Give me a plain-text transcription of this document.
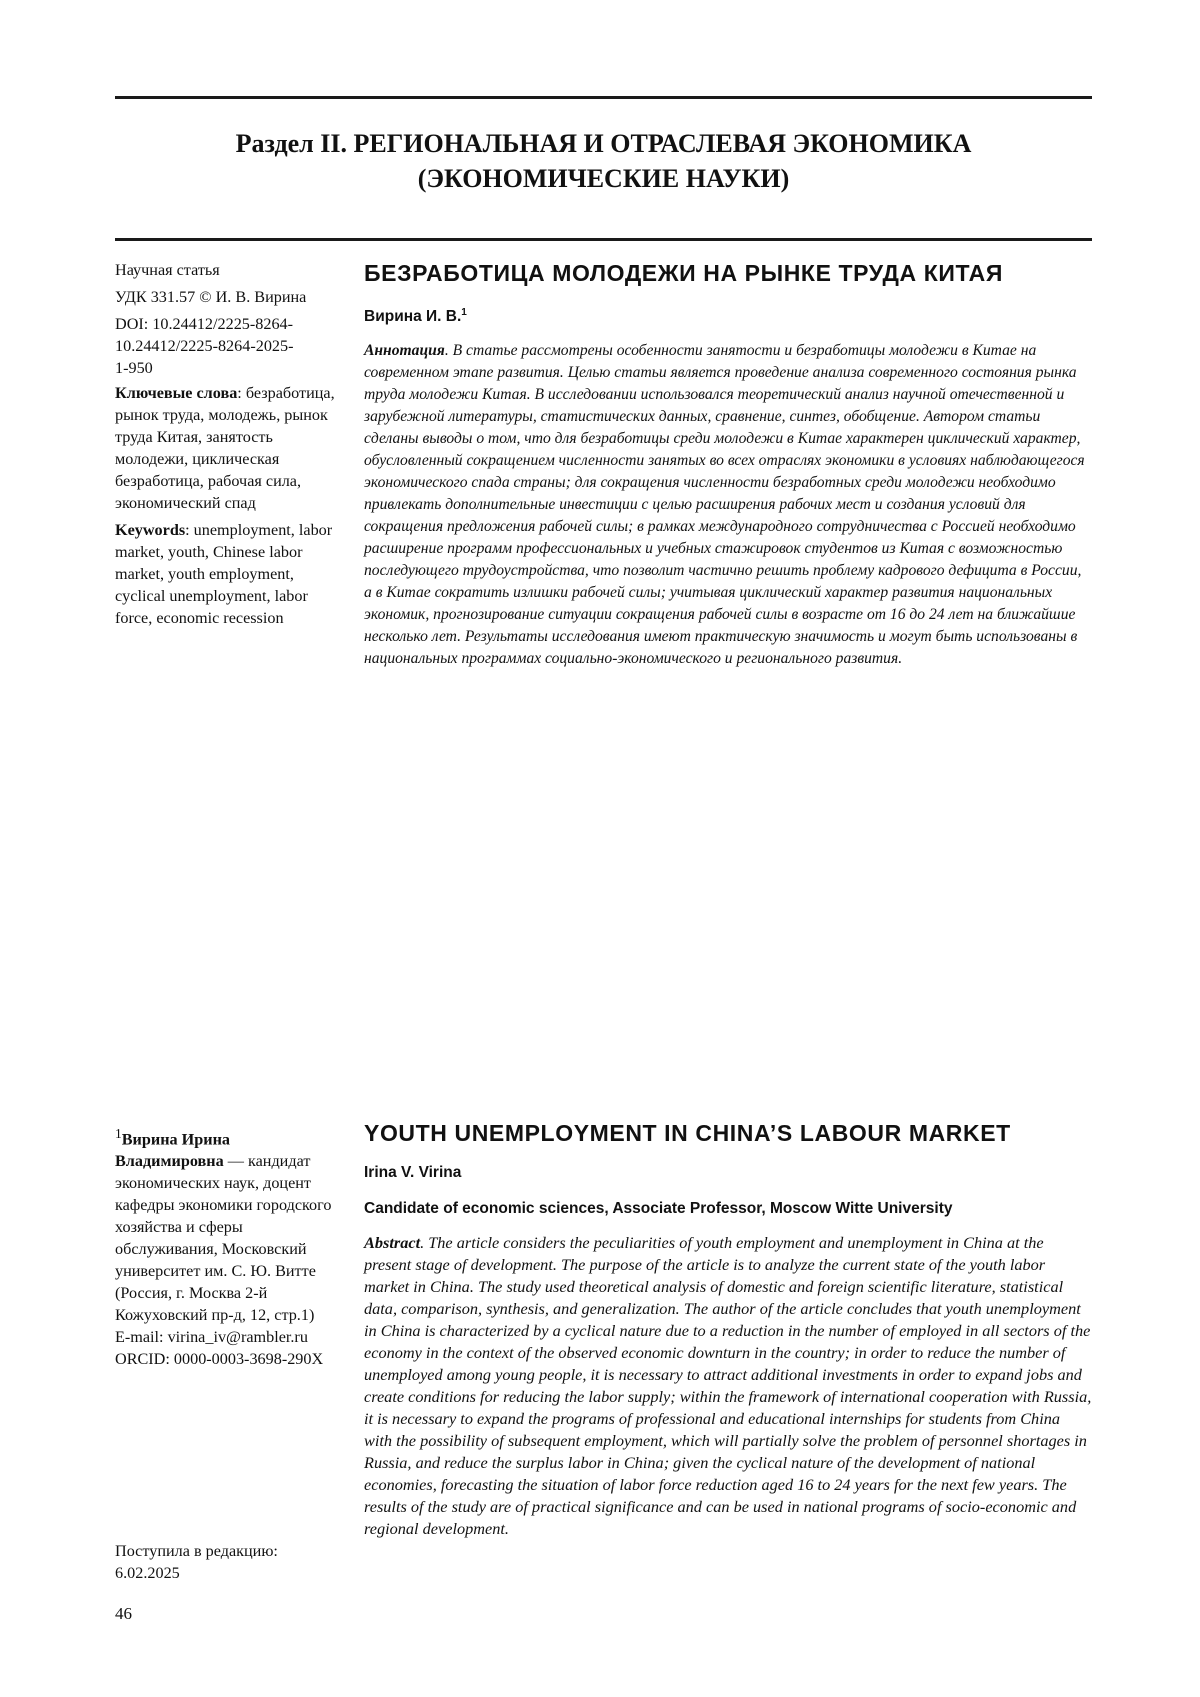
Раздел II. РЕГИОНАЛЬНАЯ И ОТРАСЛЕВАЯ ЭКОНОМИКА
(ЭКОНОМИЧЕСКИЕ НАУКИ)

Научная статья

УДК 331.57 © И. В. Вирина

DOI: 10.24412/2225-8264-
10.24412/2225-8264-2025-
1-950

Ключевые слова: безработица, рынок труда, молодежь, рынок труда Китая, занятость молодежи, циклическая безработица, рабочая сила, экономический спад

Keywords: unemployment, labor market, youth, Chinese labor market, youth employment, cyclical unemployment, labor force, economic recession

БЕЗРАБОТИЦА МОЛОДЕЖИ НА РЫНКЕ ТРУДА КИТАЯ
Вирина И. В.1

Аннотация. В статье рассмотрены особенности занятости и безработицы молодежи в Китае на современном этапе развития. Целью статьи является проведение анализа современного состояния рынка труда молодежи Китая. В исследовании использовался теоретический анализ научной отечественной и зарубежной литературы, статистических данных, сравнение, синтез, обобщение. Автором статьи сделаны выводы о том, что для безработицы среди молодежи в Китае характерен циклический характер, обусловленный сокращением численности занятых во всех отраслях экономики в условиях наблюдающегося экономического спада страны; для сокращения численности безработных среди молодежи необходимо привлекать дополнительные инвестиции с целью расширения рабочих мест и создания условий для сокращения предложения рабочей силы; в рамках международного сотрудничества с Россией необходимо расширение программ профессиональных и учебных стажировок студентов из Китая с возможностью последующего трудоустройства, что позволит частично решить проблему кадрового дефицита в России, а в Китае сократить излишки рабочей силы; учитывая циклический характер развития национальных экономик, прогнозирование ситуации сокращения рабочей силы в возрасте от 16 до 24 лет на ближайшие несколько лет. Результаты исследования имеют практическую значимость и могут быть использованы в национальных программах социально-экономического и регионального развития.

1Вирина Ирина Владимировна — кандидат экономических наук, доцент кафедры экономики городского хозяйства и сферы обслуживания, Московский университет им. С. Ю. Витте (Россия, г. Москва 2-й Кожуховский пр-д, 12, стр.1)

E-mail: virina_iv@rambler.ru

ORCID: 0000-0003-3698-290X

YOUTH UNEMPLOYMENT IN CHINA’S LABOUR MARKET
Irina V. Virina
Candidate of economic sciences, Associate Professor, Moscow Witte University

Abstract. The article considers the peculiarities of youth employment and unemployment in China at the present stage of development. The purpose of the article is to analyze the current state of the youth labor market in China. The study used theoretical analysis of domestic and foreign scientific literature, statistical data, comparison, synthesis, and generalization. The author of the article concludes that youth unemployment in China is characterized by a cyclical nature due to a reduction in the number of employed in all sectors of the economy in the context of the observed economic downturn in the country; in order to reduce the number of unemployed among young people, it is necessary to attract additional investments in order to expand jobs and create conditions for reducing the labor supply; within the framework of international cooperation with Russia, it is necessary to expand the programs of professional and educational internships for students from China with the possibility of subsequent employment, which will partially solve the problem of personnel shortages in Russia, and reduce the surplus labor in China; given the cyclical nature of the development of national economies, forecasting the situation of labor force reduction aged 16 to 24 years for the next few years. The results of the study are of practical significance and can be used in national programs of socio-economic and regional development.

Поступила в редакцию:

6.02.2025

46
